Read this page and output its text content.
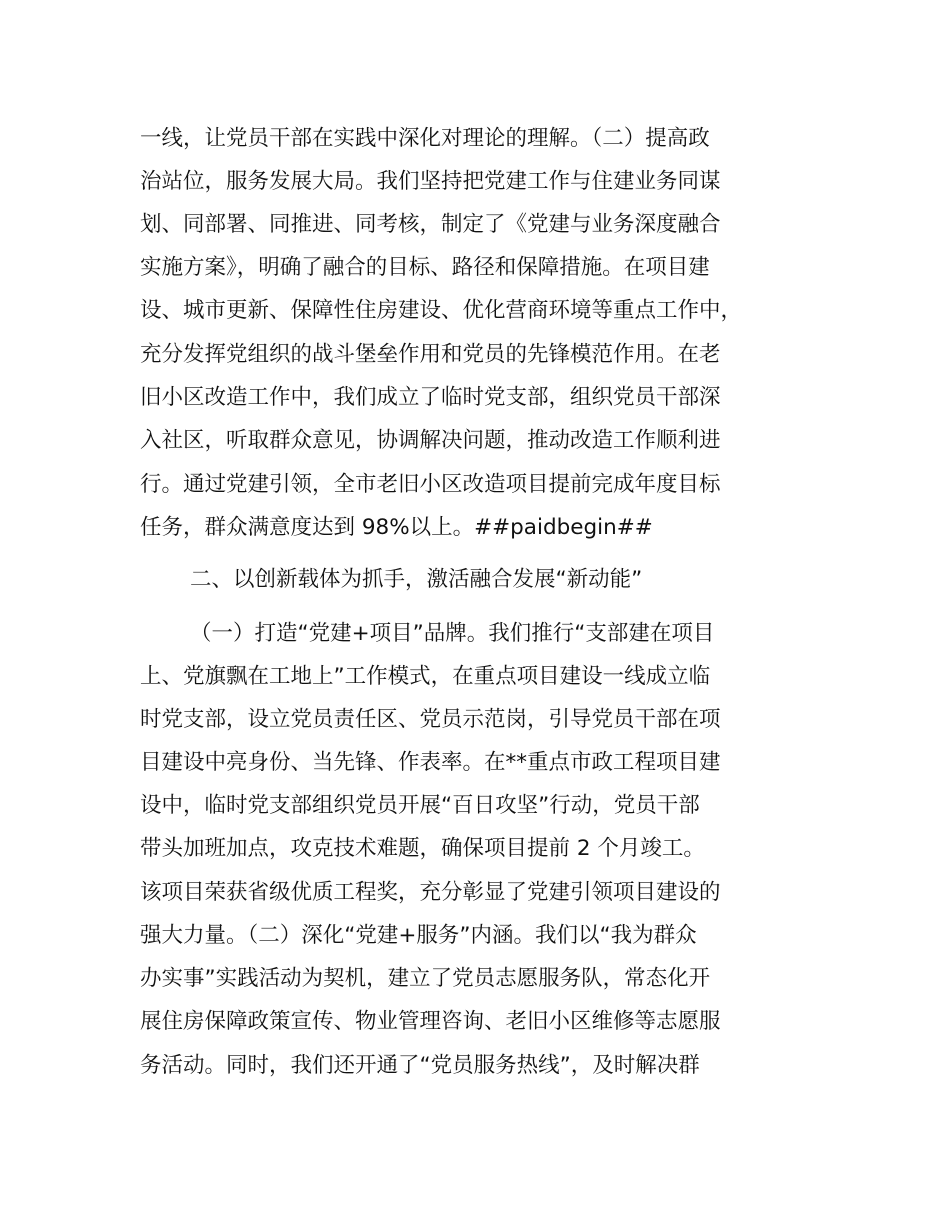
一线，让党员干部在实践中深化对理论的理解。（二）提高政
治站位，服务发展大局。我们坚持把党建工作与住建业务同谋
划、同部署、同推进、同考核，制定了《党建与业务深度融合
实施方案》，明确了融合的目标、路径和保障措施。在项目建
设、城市更新、保障性住房建设、优化营商环境等重点工作中，
充分发挥党组织的战斗堡垒作用和党员的先锋模范作用。在老
旧小区改造工作中，我们成立了临时党支部，组织党员干部深
入社区，听取群众意见，协调解决问题，推动改造工作顺利进
行。通过党建引领，全市老旧小区改造项目提前完成年度目标
任务，群众满意度达到 98%以上。##paidbegin##
二、以创新载体为抓手，激活融合发展“新动能”
（一）打造“党建+项目”品牌。我们推行“支部建在项目
上、党旗飘在工地上”工作模式，在重点项目建设一线成立临
时党支部，设立党员责任区、党员示范岗，引导党员干部在项
目建设中亮身份、当先锋、作表率。在**重点市政工程项目建
设中，临时党支部组织党员开展“百日攻坚”行动，党员干部
带头加班加点，攻克技术难题，确保项目提前 2 个月竣工。
该项目荣获省级优质工程奖，充分彰显了党建引领项目建设的
强大力量。（二）深化“党建+服务”内涵。我们以“我为群众
办实事”实践活动为契机，建立了党员志愿服务队，常态化开
展住房保障政策宣传、物业管理咨询、老旧小区维修等志愿服
务活动。同时，我们还开通了“党员服务热线”，及时解决群
